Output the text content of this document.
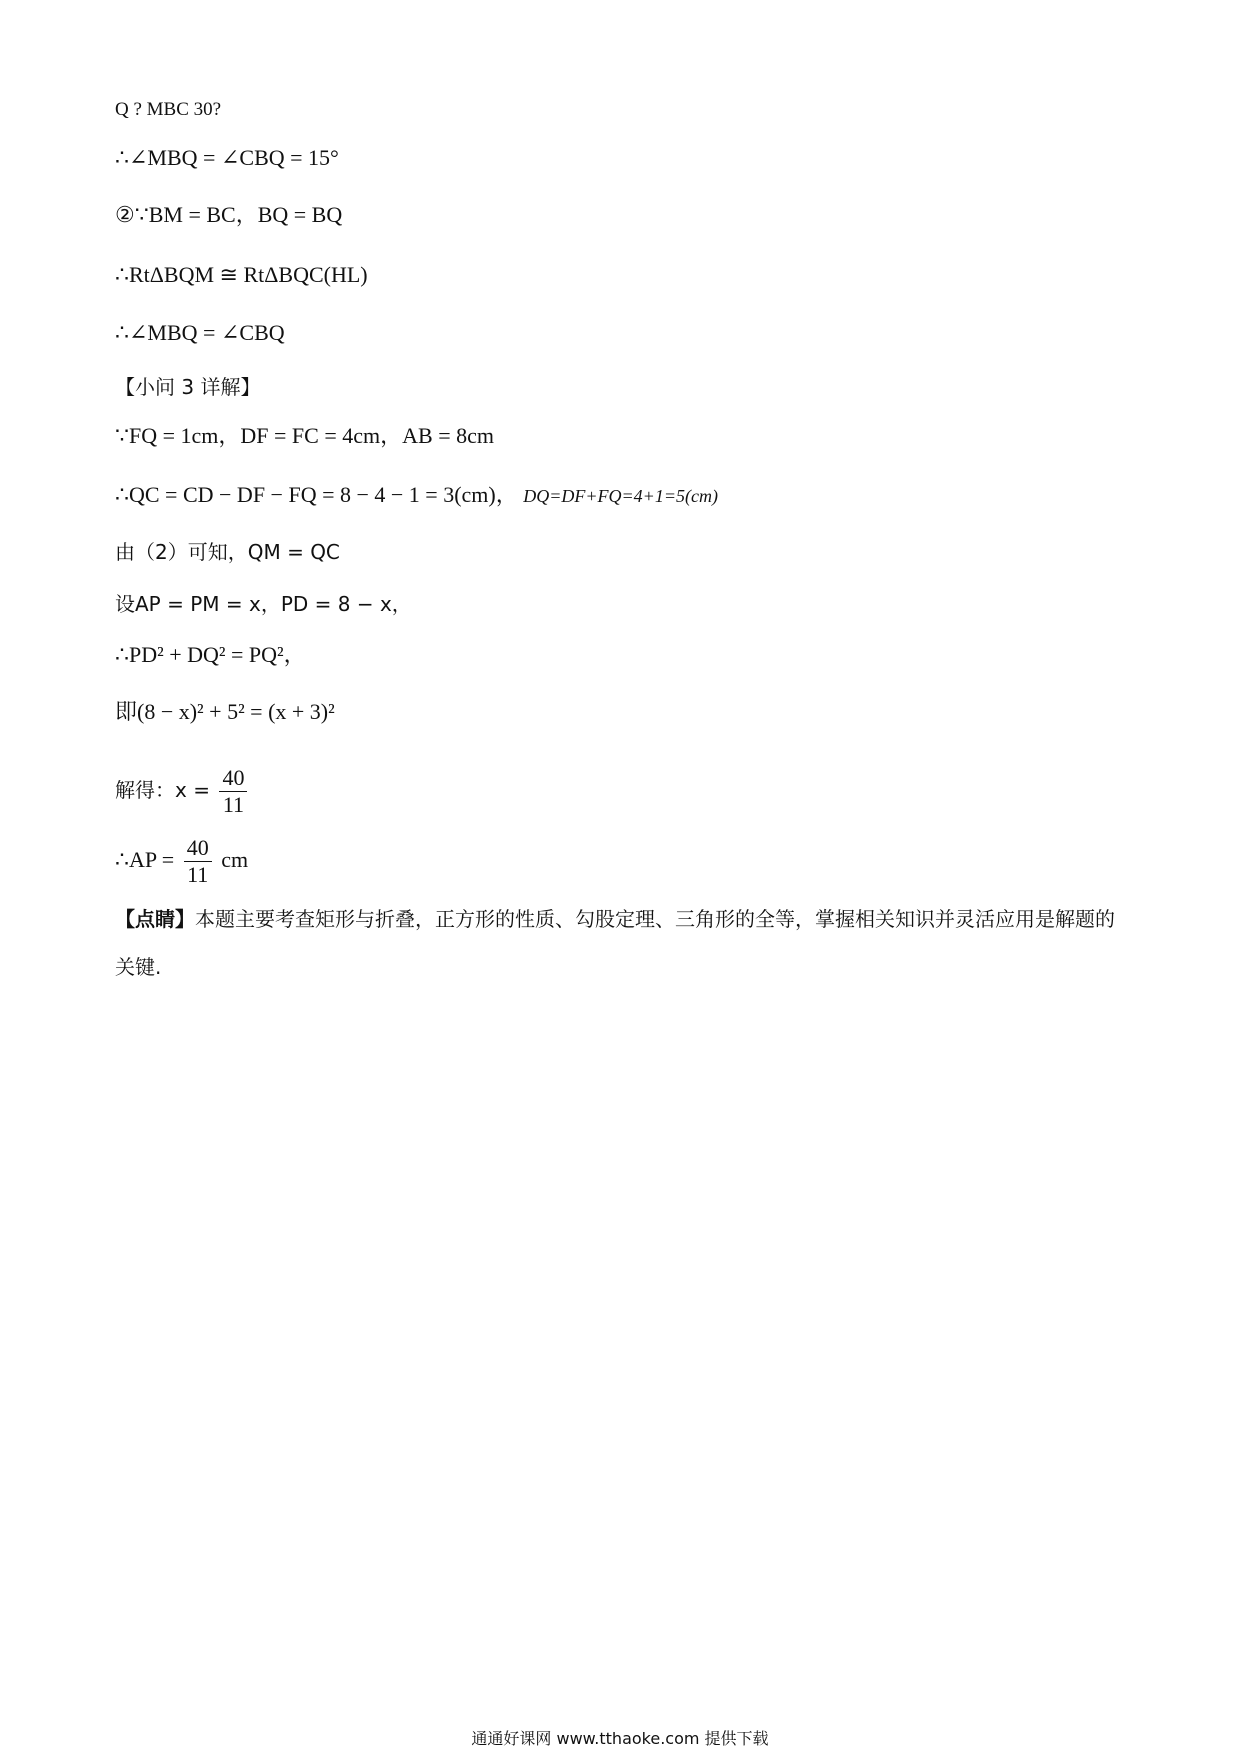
Q ? MBC 30?
∴∠MBQ = ∠CBQ = 15°
②∵BM = BC，BQ = BQ
∴RtΔBQM ≅ RtΔBQC(HL)
∴∠MBQ = ∠CBQ
【小问 3 详解】
∵FQ = 1cm，DF = FC = 4cm，AB = 8cm
∴QC = CD − DF − FQ = 8 − 4 − 1 = 3(cm)， DQ=DF+FQ=4+1=5(cm)
由（2）可知，QM = QC
设AP = PM = x，PD = 8 − x，
∴PD² + DQ² = PQ²，
即(8 − x)² + 5² = (x + 3)²
解得：$x = \frac{40}{11}$
∴AP = $\frac{40}{11}$ cm
【点睛】本题主要考查矩形与折叠，正方形的性质、勾股定理、三角形的全等，掌握相关知识并灵活应用是解题的关键.
通通好课网 www.tthaoke.com 提供下载
